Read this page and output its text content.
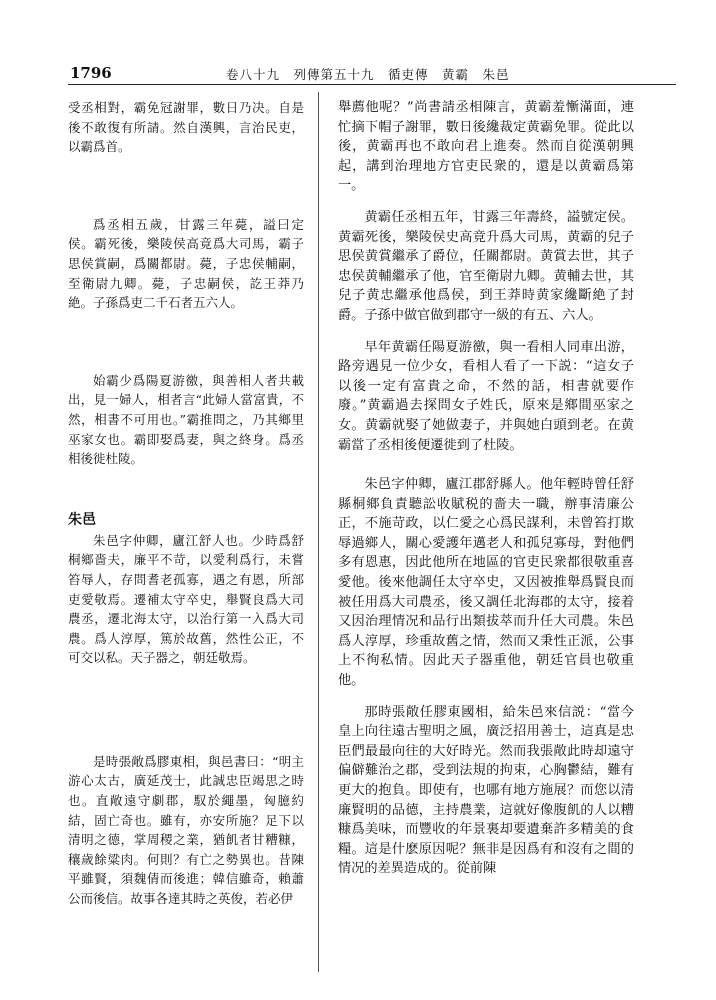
1796	卷八十九　列傳第五十九　循吏傳　黄霸　朱邑

受丞相對，霸免冠謝罪，數日乃决。自是後不敢復有所請。然自漢興，言治民吏，以霸爲首。

爲丞相五歲，甘露三年薨，謚曰定侯。霸死後，樂陵侯高竟爲大司馬，霸子思侯賞嗣，爲關都尉。薨，子忠侯輔嗣，至衛尉九卿。薨，子忠嗣侯，訖王莽乃絶。子孫爲吏二千石者五六人。

始霸少爲陽夏游徼，與善相人者共載出，見一婦人，相者言“此婦人當富貴，不然，相書不可用也。”霸推問之，乃其鄉里巫家女也。霸即娶爲妻，與之終身。爲丞相後徙杜陵。

朱邑

朱邑字仲卿，廬江舒人也。少時爲舒桐鄉嗇夫，廉平不苛，以愛利爲行，未嘗笞辱人，存問耆老孤寡，遇之有恩，所部吏愛敬焉。遷補太守卒史，舉賢良爲大司農丞，遷北海太守，以治行第一入爲大司農。爲人淳厚，篤於故舊，然性公正，不可交以私。天子器之，朝廷敬焉。

是時張敞爲膠東相，與邑書曰：“明主游心太古，廣延茂士，此誠忠臣竭思之時也。直敞遠守劇郡，馭於繩墨，匈臆約結，固亡奇也。雖有，亦安所施？足下以清明之德，掌周稷之業，猶飢者甘糟糠，穰歲餘粱肉。何則？有亡之勢異也。昔陳平雖賢，須魏倩而後進；韓信雖奇，賴蕭公而後信。故事各達其時之英俊，若必伊

舉薦他呢？”尚書請丞相陳言，黄霸羞慚滿面，連忙摘下帽子謝罪，數日後纔裁定黄霸免罪。從此以後，黄霸再也不敢向君上進奏。然而自從漢朝興起，講到治理地方官吏民衆的，還是以黄霸爲第一。

黄霸任丞相五年，甘露三年壽終，謚號定侯。黄霸死後，樂陵侯史高竟升爲大司馬，黄霸的兒子思侯黄賞繼承了爵位，任關都尉。黄賞去世，其子忠侯黄輔繼承了他，官至衛尉九卿。黄輔去世，其兒子黄忠繼承他爲侯，到王莽時黄家纔斷絶了封爵。子孫中做官做到郡守一級的有五、六人。

早年黄霸任陽夏游徼，與一看相人同車出游，路旁遇見一位少女，看相人看了一下説：“這女子以後一定有富貴之命，不然的話，相書就要作廢。”黄霸過去探問女子姓氏，原來是鄉間巫家之女。黄霸就娶了她做妻子，并與她白頭到老。在黄霸當了丞相後便遷徙到了杜陵。

朱邑字仲卿，廬江郡舒縣人。他年輕時曾任舒縣桐鄉負責聽訟收賦税的嗇夫一職，辦事清廉公正，不施苛政，以仁愛之心爲民謀利，未曾笞打欺辱過鄉人，關心愛護年邁老人和孤兒寡母，對他們多有恩惠，因此他所在地區的官吏民衆都很敬重喜愛他。後來他調任太守卒史，又因被推舉爲賢良而被任用爲大司農丞，後又調任北海郡的太守，接着又因治理情况和品行出類拔萃而升任大司農。朱邑爲人淳厚，珍重故舊之情，然而又秉性正派，公事上不徇私情。因此天子器重他，朝廷官員也敬重他。

那時張敞任膠東國相，給朱邑來信説：“當今皇上向往遠古聖明之風，廣泛招用善士，這真是忠臣們最最向往的大好時光。然而我張敞此時却遠守偏僻難治之郡，受到法規的拘束，心胸鬱結，難有更大的抱負。即使有，也哪有地方施展？而您以清廉賢明的品德，主持農業，這就好像腹飢的人以糟糠爲美味，而豐收的年景裏却要遺棄許多精美的食糧。這是什麽原因呢？無非是因爲有和沒有之間的情况的差異造成的。從前陳
